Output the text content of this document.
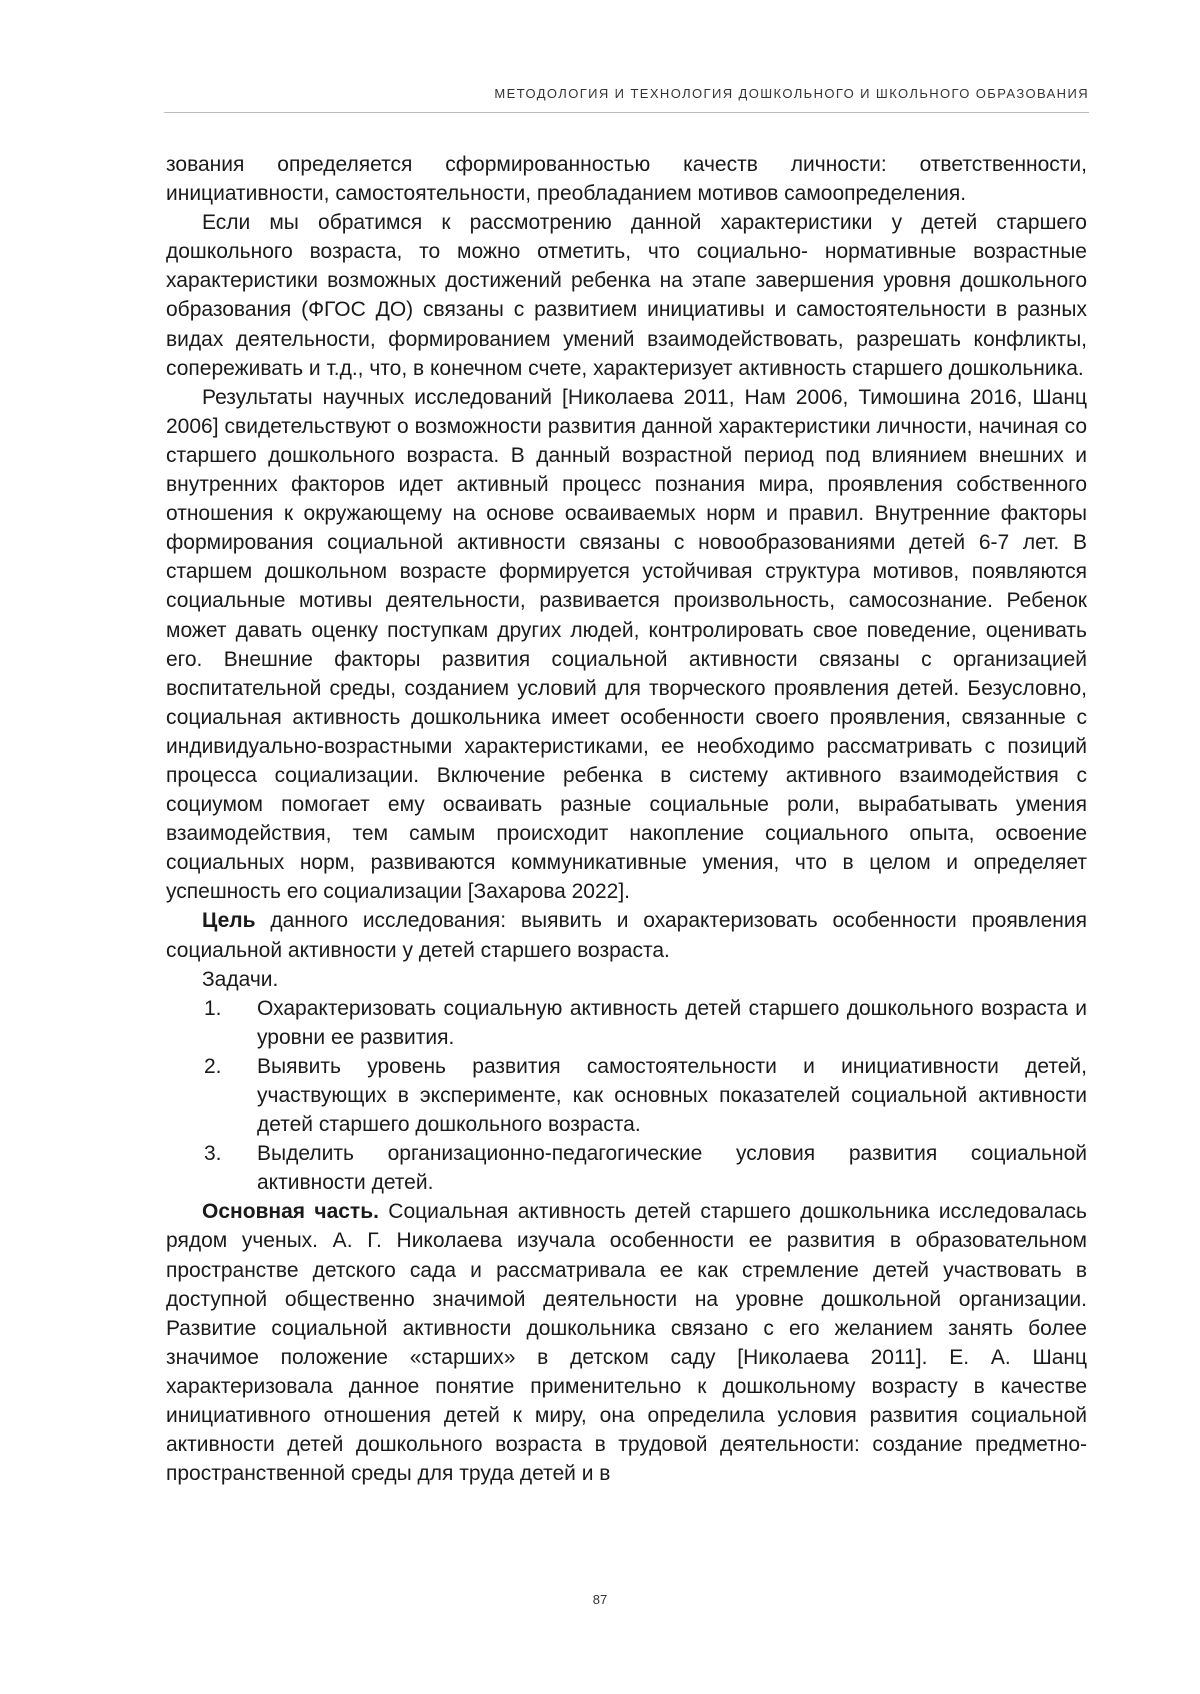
МЕТОДОЛОГИЯ И ТЕХНОЛОГИЯ ДОШКОЛЬНОГО И ШКОЛЬНОГО ОБРАЗОВАНИЯ

зования определяется сформированностью качеств личности: ответственности, инициативности, самостоятельности, преобладанием мотивов самоопределения.

Если мы обратимся к рассмотрению данной характеристики у детей старшего дошкольного возраста, то можно отметить, что социально- нормативные возрастные характеристики возможных достижений ребенка на этапе завершения уровня дошкольного образования (ФГОС ДО) связаны с развитием инициативы и самостоятельности в разных видах деятельности, формированием умений взаимодействовать, разрешать конфликты, сопереживать и т.д., что, в конечном счете, характеризует активность старшего дошкольника.

Результаты научных исследований [Николаева 2011, Нам 2006, Тимошина 2016, Шанц 2006] свидетельствуют о возможности развития данной характеристики личности, начиная со старшего дошкольного возраста. В данный возрастной период под влиянием внешних и внутренних факторов идет активный процесс познания мира, проявления собственного отношения к окружающему на основе осваиваемых норм и правил. Внутренние факторы формирования социальной активности связаны с новообразованиями детей 6-7 лет. В старшем дошкольном возрасте формируется устойчивая структура мотивов, появляются социальные мотивы деятельности, развивается произвольность, самосознание. Ребенок может давать оценку поступкам других людей, контролировать свое поведение, оценивать его. Внешние факторы развития социальной активности связаны с организацией воспитательной среды, созданием условий для творческого проявления детей. Безусловно, социальная активность дошкольника имеет особенности своего проявления, связанные с индивидуально-возрастными характеристиками, ее необходимо рассматривать с позиций процесса социализации. Включение ребенка в систему активного взаимодействия с социумом помогает ему осваивать разные социальные роли, вырабатывать умения взаимодействия, тем самым происходит накопление социального опыта, освоение социальных норм, развиваются коммуникативные умения, что в целом и определяет успешность его социализации [Захарова 2022].

Цель данного исследования: выявить и охарактеризовать особенности проявления социальной активности у детей старшего возраста.

Задачи.

1.	Охарактеризовать социальную активность детей старшего дошкольного возраста и уровни ее развития.

2.	Выявить уровень развития самостоятельности и инициативности детей, участвующих в эксперименте, как основных показателей социальной активности детей старшего дошкольного возраста.

3.	Выделить организационно-педагогические условия развития социальной активности детей.

Основная часть. Социальная активность детей старшего дошкольника исследовалась рядом ученых. А. Г. Николаева изучала особенности ее развития в образовательном пространстве детского сада и рассматривала ее как стремление детей участвовать в доступной общественно значимой деятельности на уровне дошкольной организации. Развитие социальной активности дошкольника связано с его желанием занять более значимое положение «старших» в детском саду [Николаева 2011]. Е. А. Шанц характеризовала данное понятие применительно к дошкольному возрасту в качестве инициативного отношения детей к миру, она определила условия развития социальной активности детей дошкольного возраста в трудовой деятельности: создание предметно- пространственной среды для труда детей и в

87
